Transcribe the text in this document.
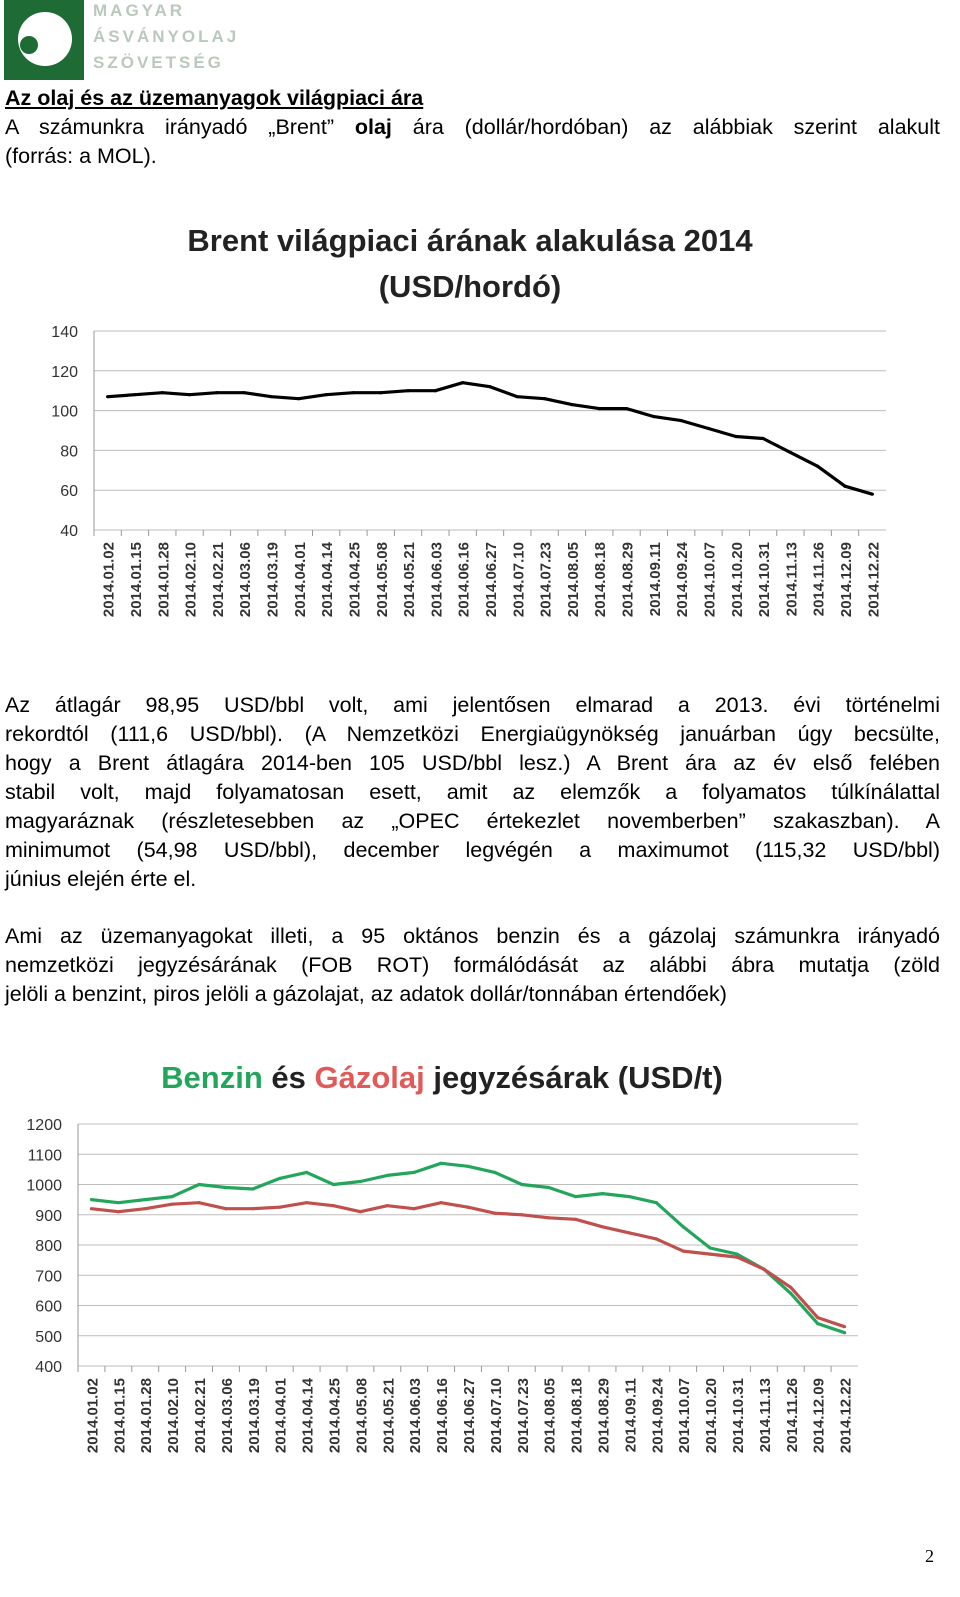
MAGYAR
ÁSVÁNYOLAJ
SZÖVETSÉG
Az olaj és az üzemanyagok világpiaci ára
A számunkra irányadó „Brent” olaj ára (dollár/hordóban) az alábbiak szerint alakult
(forrás: a MOL).
Brent világpiaci árának alakulása 2014
(USD/hordó)
40
60
80
100
120
140
2014.01.02 2014.01.15 2014.01.28 2014.02.10 2014.02.21 2014.03.06 2014.03.19 2014.04.01 2014.04.14 2014.04.25 2014.05.08 2014.05.21 2014.06.03 2014.06.16 2014.06.27 2014.07.10 2014.07.23 2014.08.05 2014.08.18 2014.08.29 2014.09.11 2014.09.24 2014.10.07 2014.10.20 2014.10.31 2014.11.13 2014.11.26 2014.12.09 2014.12.22
Az átlagár 98,95 USD/bbl volt, ami jelentősen elmarad a 2013. évi történelmi
rekordtól (111,6 USD/bbl). (A Nemzetközi Energiaügynökség januárban úgy becsülte,
hogy a Brent átlagára 2014-ben 105 USD/bbl lesz.) A Brent ára az év első felében
stabil volt, majd folyamatosan esett, amit az elemzők a folyamatos túlkínálattal
magyaráznak (részletesebben az „OPEC értekezlet novemberben” szakaszban). A
minimumot (54,98 USD/bbl), december legvégén a maximumot (115,32 USD/bbl)
június elején érte el.
Ami az üzemanyagokat illeti, a 95 oktános benzin és a gázolaj számunkra irányadó
nemzetközi jegyzésárának (FOB ROT) formálódását az alábbi ábra mutatja (zöld
jelöli a benzint, piros jelöli a gázolajat, az adatok dollár/tonnában értendőek)
Benzin és Gázolaj jegyzésárak (USD/t)
400
500
600
700
800
900
1000
1100
1200
2014.01.02 2014.01.15 2014.01.28 2014.02.10 2014.02.21 2014.03.06 2014.03.19 2014.04.01 2014.04.14 2014.04.25 2014.05.08 2014.05.21 2014.06.03 2014.06.16 2014.06.27 2014.07.10 2014.07.23 2014.08.05 2014.08.18 2014.08.29 2014.09.11 2014.09.24 2014.10.07 2014.10.20 2014.10.31 2014.11.13 2014.11.26 2014.12.09 2014.12.22
2
